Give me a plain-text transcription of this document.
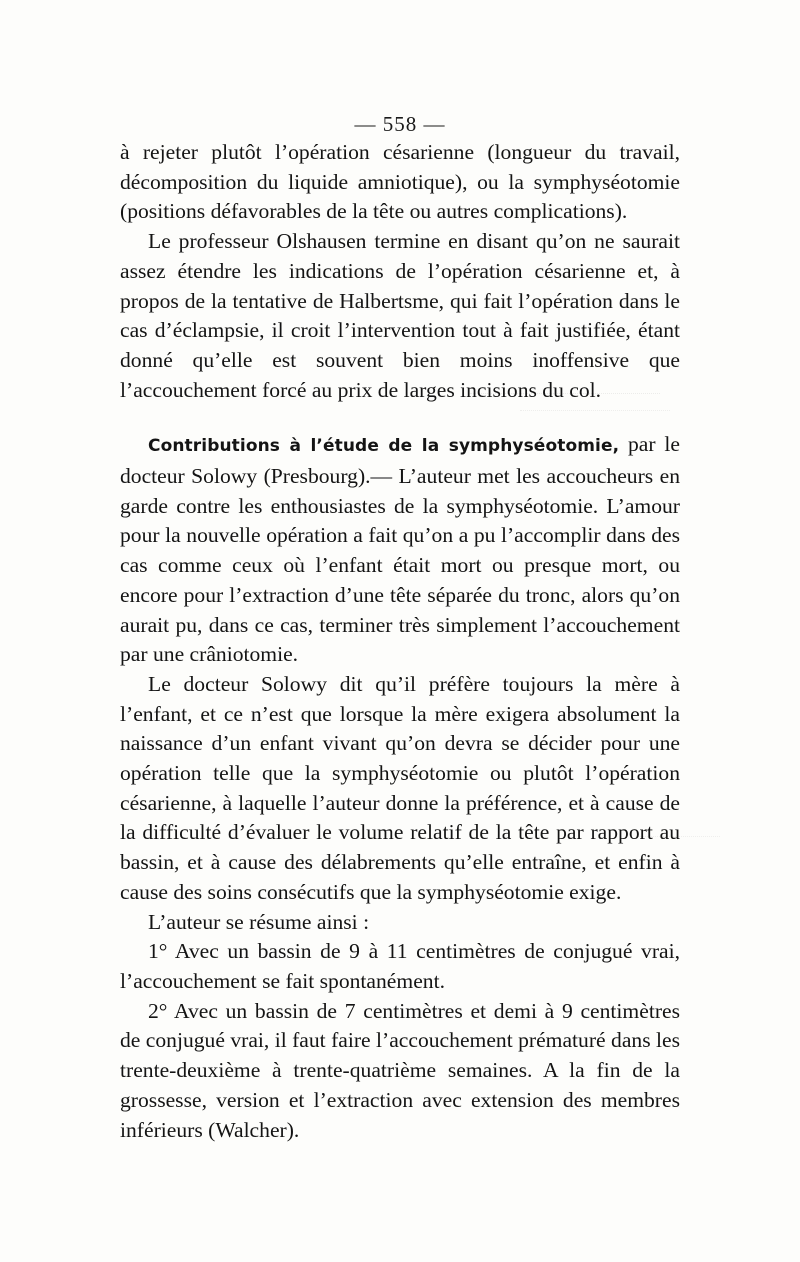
— 558 —

à rejeter plutôt l’opération césarienne (longueur du travail, décomposition du liquide amniotique), ou la symphyséotomie (positions défavorables de la tête ou autres complications).

Le professeur Olshausen termine en disant qu’on ne saurait assez étendre les indications de l’opération césarienne et, à propos de la tentative de Halbertsme, qui fait l’opération dans le cas d’éclampsie, il croit l’intervention tout à fait justifiée, étant donné qu’elle est souvent bien moins inoffensive que l’accouchement forcé au prix de larges incisions du col.

Contributions à l’étude de la symphyséotomie, par le docteur Solowy (Presbourg).— L’auteur met les accoucheurs en garde contre les enthousiastes de la symphyséotomie. L’amour pour la nouvelle opération a fait qu’on a pu l’accomplir dans des cas comme ceux où l’enfant était mort ou presque mort, ou encore pour l’extraction d’une tête séparée du tronc, alors qu’on aurait pu, dans ce cas, terminer très simplement l’accouchement par une crâniotomie.

Le docteur Solowy dit qu’il préfère toujours la mère à l’enfant, et ce n’est que lorsque la mère exigera absolument la naissance d’un enfant vivant qu’on devra se décider pour une opération telle que la symphyséotomie ou plutôt l’opération césarienne, à laquelle l’auteur donne la préférence, et à cause de la difficulté d’évaluer le volume relatif de la tête par rapport au bassin, et à cause des délabrements qu’elle entraîne, et enfin à cause des soins consécutifs que la symphyséotomie exige.

L’auteur se résume ainsi :

1° Avec un bassin de 9 à 11 centimètres de conjugué vrai, l’accouchement se fait spontanément.

2° Avec un bassin de 7 centimètres et demi à 9 centimètres de conjugué vrai, il faut faire l’accouchement prématuré dans les trente-deuxième à trente-quatrième semaines. A la fin de la grossesse, version et l’extraction avec extension des membres inférieurs (Walcher).
